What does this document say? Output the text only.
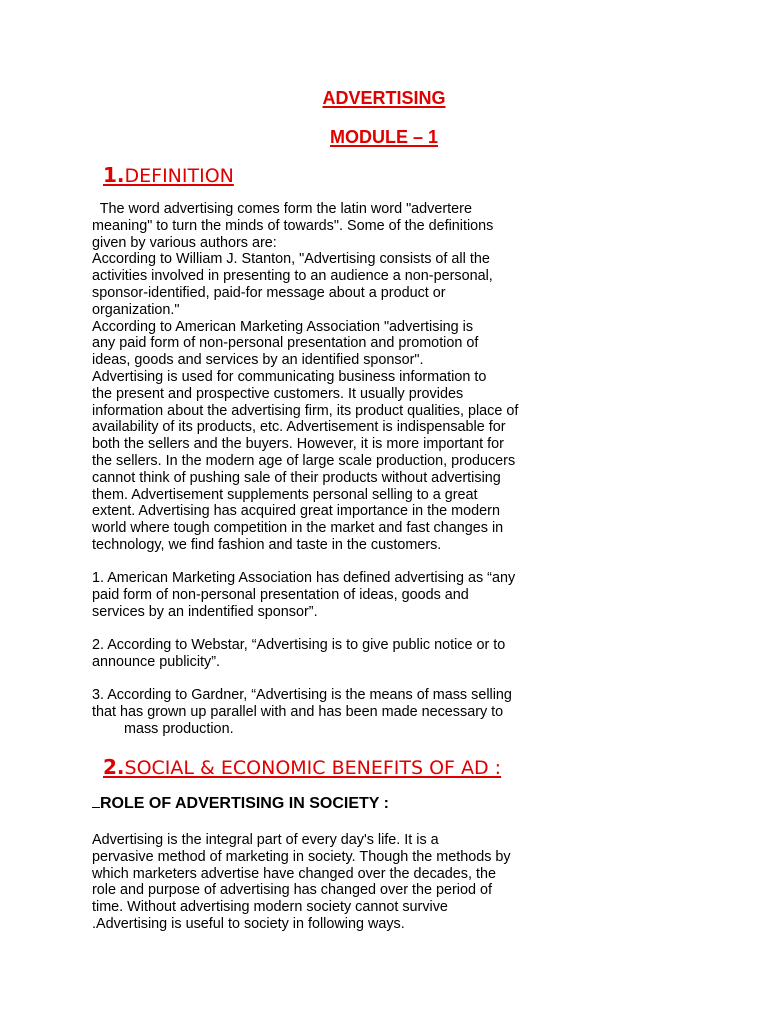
ADVERTISING
MODULE – 1
1.DEFINITION
The word advertising comes form the latin word "advertere
meaning" to turn the minds of towards". Some of the definitions
given by various authors are:
According to William J. Stanton, "Advertising consists of all the
activities involved in presenting to an audience a non-personal,
sponsor-identified, paid-for message about a product or
organization."
According to American Marketing Association "advertising is
any paid form of non-personal presentation and promotion of
ideas, goods and services by an identified sponsor".
Advertising is used for communicating business information to
the present and prospective customers. It usually provides
information about the advertising firm, its product qualities, place of
availability of its products, etc. Advertisement is indispensable for
both the sellers and the buyers. However, it is more important for
the sellers. In the modern age of large scale production, producers
cannot think of pushing sale of their products without advertising
them. Advertisement supplements personal selling to a great
extent. Advertising has acquired great importance in the modern
world where tough competition in the market and fast changes in
technology, we find fashion and taste in the customers.
1. American Marketing Association has defined advertising as “any
paid form of non-personal presentation of ideas, goods and
services by an indentified sponsor”.
2. According to Webstar, “Advertising is to give public notice or to
announce publicity”.
3. According to Gardner, “Advertising is the means of mass selling
that has grown up parallel with and has been made necessary to
mass production.
2.SOCIAL & ECONOMIC BENEFITS OF AD :
ROLE OF ADVERTISING IN SOCIETY :
Advertising is the integral part of every day's life. It is a
pervasive method of marketing in society. Though the methods by
which marketers advertise have changed over the decades, the
role and purpose of advertising has changed over the period of
time. Without advertising modern society cannot survive
.Advertising is useful to society in following ways.
